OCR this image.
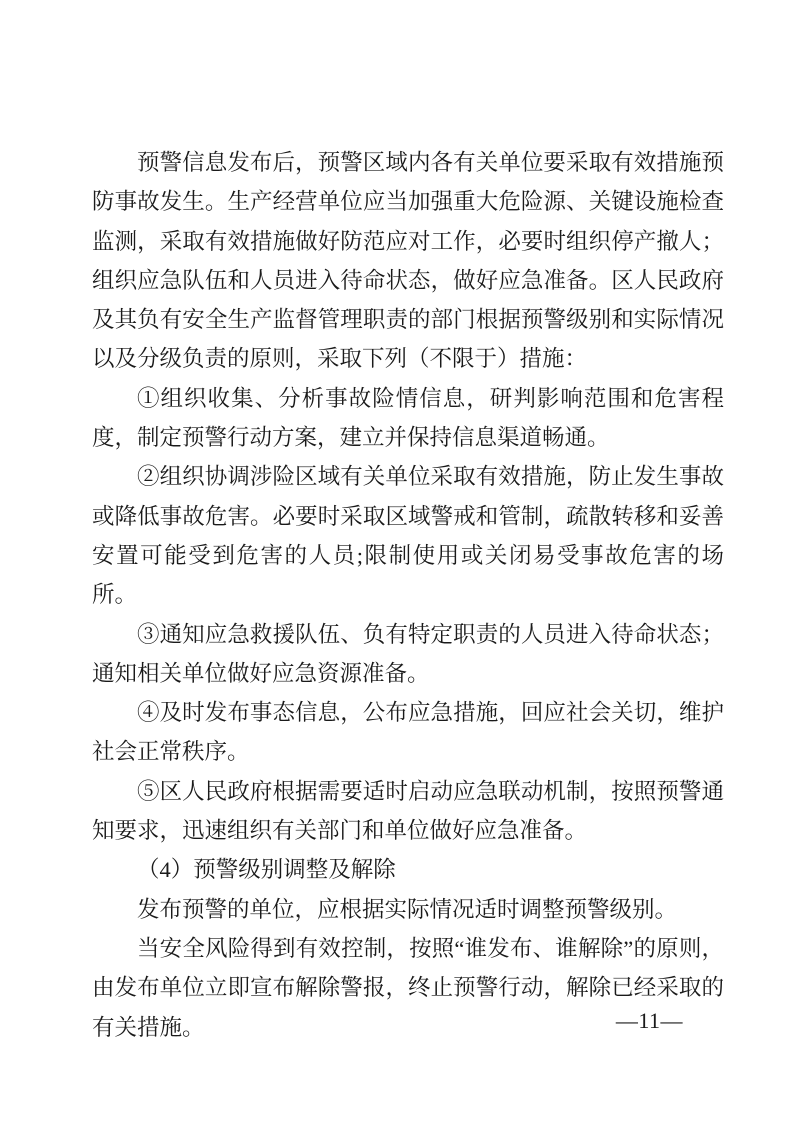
预警信息发布后，预警区域内各有关单位要采取有效措施预防事故发生。生产经营单位应当加强重大危险源、关键设施检查监测，采取有效措施做好防范应对工作，必要时组织停产撤人；组织应急队伍和人员进入待命状态，做好应急准备。区人民政府及其负有安全生产监督管理职责的部门根据预警级别和实际情况以及分级负责的原则，采取下列（不限于）措施：

①组织收集、分析事故险情信息，研判影响范围和危害程度，制定预警行动方案，建立并保持信息渠道畅通。

②组织协调涉险区域有关单位采取有效措施，防止发生事故或降低事故危害。必要时采取区域警戒和管制，疏散转移和妥善安置可能受到危害的人员;限制使用或关闭易受事故危害的场所。

③通知应急救援队伍、负有特定职责的人员进入待命状态；通知相关单位做好应急资源准备。

④及时发布事态信息，公布应急措施，回应社会关切，维护社会正常秩序。

⑤区人民政府根据需要适时启动应急联动机制，按照预警通知要求，迅速组织有关部门和单位做好应急准备。

（4）预警级别调整及解除

发布预警的单位，应根据实际情况适时调整预警级别。

当安全风险得到有效控制，按照“谁发布、谁解除”的原则，由发布单位立即宣布解除警报，终止预警行动，解除已经采取的有关措施。	—11—
